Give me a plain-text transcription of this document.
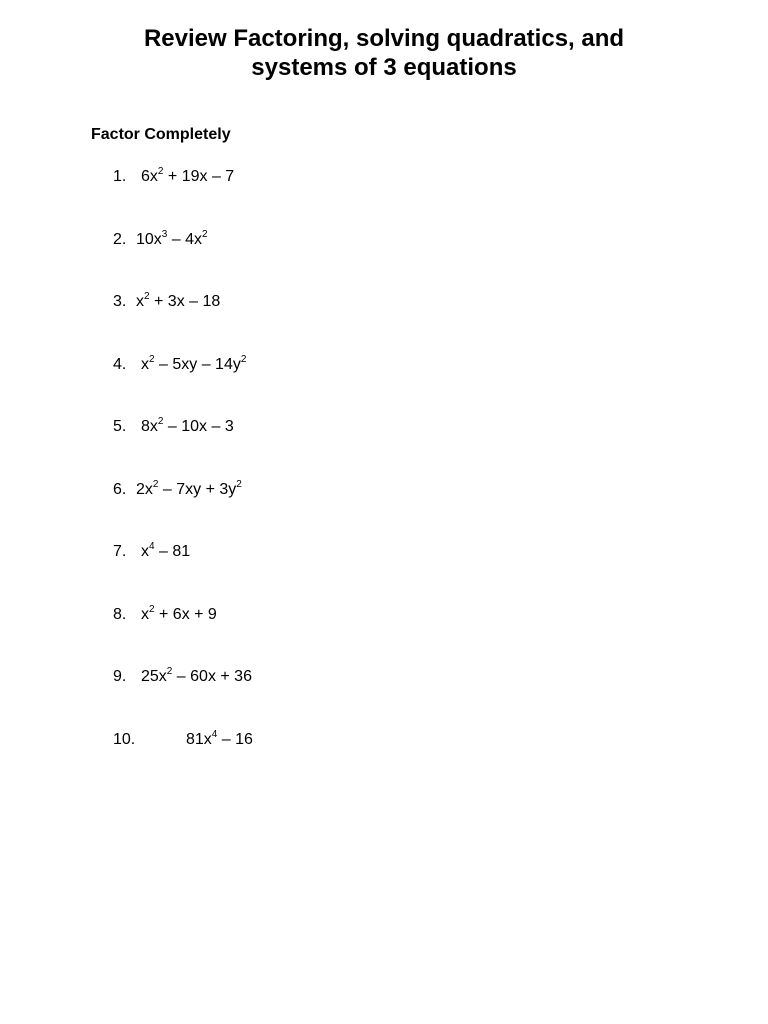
Review Factoring, solving quadratics, and
systems of 3 equations
Factor Completely
1. $6x^2 + 19x - 7$
2. $10x^3 - 4x^2$
3. $x^2 + 3x - 18$
4. $x^2 - 5xy - 14y^2$
5. $8x^2 - 10x - 3$
6. $2x^2 - 7xy + 3y^2$
7. $x^4 - 81$
8. $x^2 + 6x + 9$
9. $25x^2 - 60x + 36$
10.	$81x^4 - 16$
